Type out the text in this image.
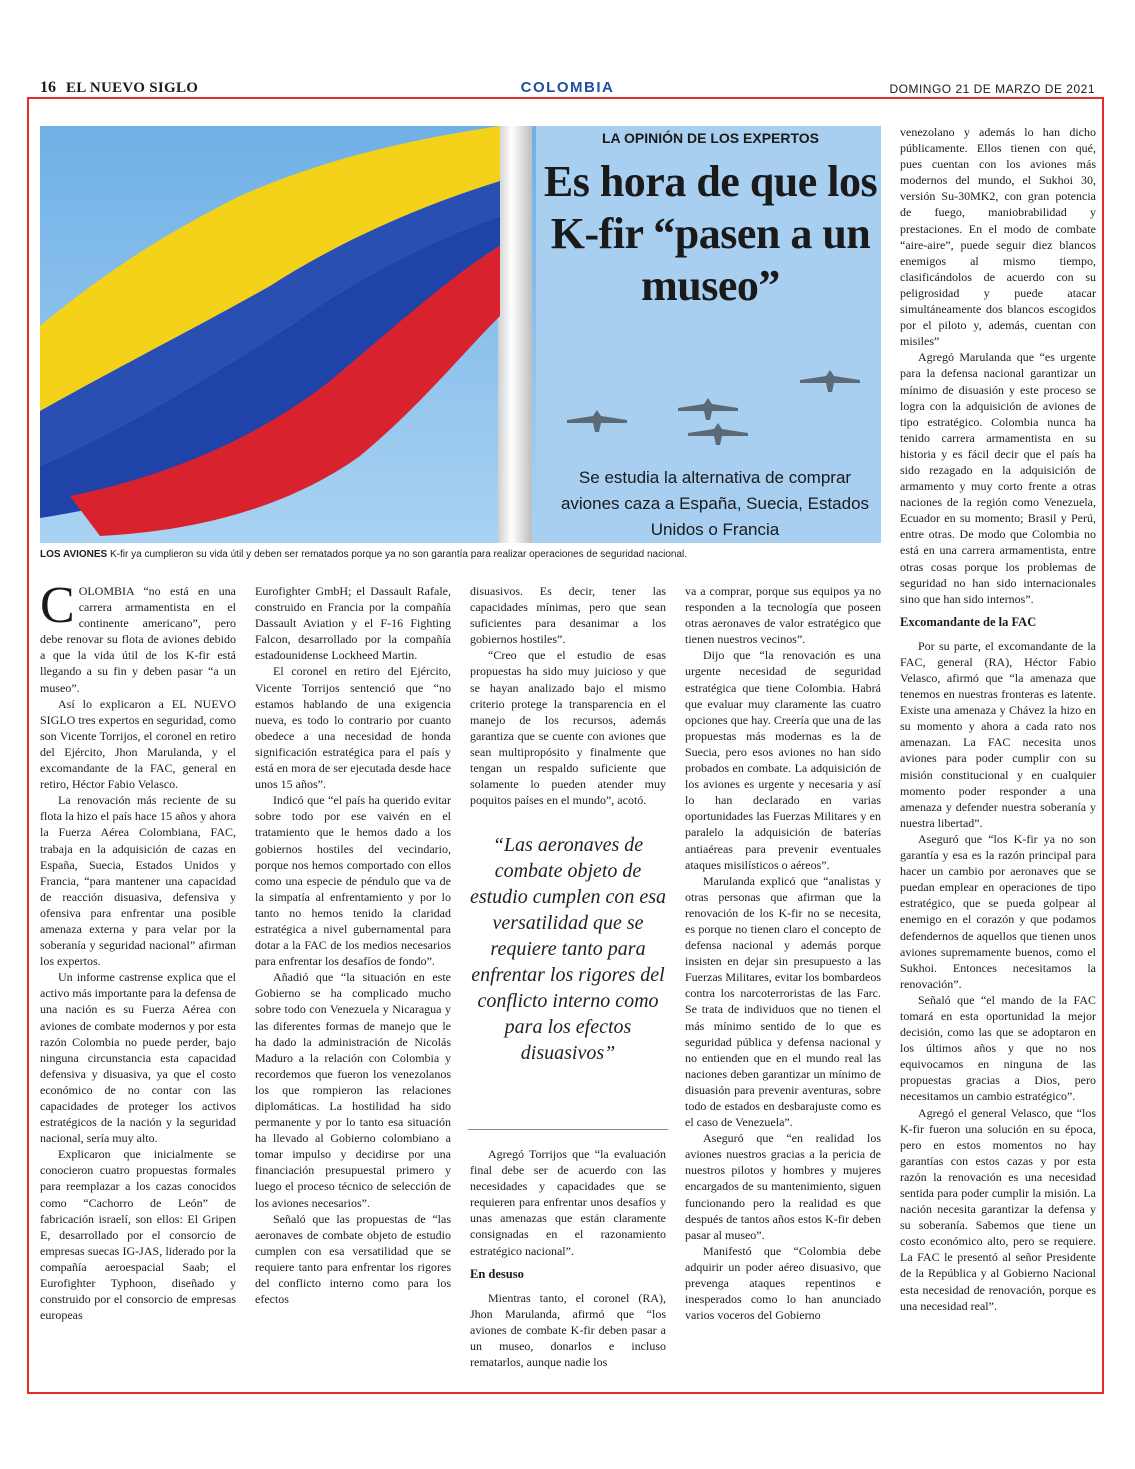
16 EL NUEVO SIGLO	COLOMBIA	DOMINGO 21 DE MARZO DE 2021
LA OPINIÓN DE LOS EXPERTOS
Es hora de que los K-fir “pasen a un museo”
Se estudia la alternativa de comprar aviones caza a España, Suecia, Estados Unidos o Francia
LOS AVIONES K-fir ya cumplieron su vida útil y deben ser rematados porque ya no son garantía para realizar operaciones de seguridad nacional.

COLOMBIA “no está en una carrera armamentista en el continente americano”, pero debe renovar su flota de aviones debido a que la vida útil de los K-fir está llegando a su fin y deben pasar “a un museo”.

Así lo explicaron a EL NUEVO SIGLO tres expertos en seguridad, como son Vicente Torrijos, el coronel en retiro del Ejército, Jhon Marulanda, y el excomandante de la FAC, general en retiro, Héctor Fabio Velasco.

La renovación más reciente de su flota la hizo el país hace 15 años y ahora la Fuerza Aérea Colombiana, FAC, trabaja en la adquisición de cazas en España, Suecia, Estados Unidos y Francia, “para mantener una capacidad de reacción disuasiva, defensiva y ofensiva para enfrentar una posible amenaza externa y para velar por la soberanía y seguridad nacional” afirman los expertos.

Un informe castrense explica que el activo más importante para la defensa de una nación es su Fuerza Aérea con aviones de combate modernos y por esta razón Colombia no puede perder, bajo ninguna circunstancia esta capacidad defensiva y disuasiva, ya que el costo económico de no contar con las capacidades de proteger los activos estratégicos de la nación y la seguridad nacional, sería muy alto.

Explicaron que inicialmente se conocieron cuatro propuestas formales para reemplazar a los cazas conocidos como “Cachorro de León” de fabricación israelí, son ellos: El Gripen E, desarrollado por el consorcio de empresas suecas IG-JAS, liderado por la compañía aeroespacial Saab; el Eurofighter Typhoon, diseñado y construido por el consorcio de empresas europeas

Eurofighter GmbH; el Dassault Rafale, construido en Francia por la compañía Dassault Aviation y el F-16 Fighting Falcon, desarrollado por la compañía estadounidense Lockheed Martin.

El coronel en retiro del Ejército, Vicente Torrijos sentenció que “no estamos hablando de una exigencia nueva, es todo lo contrario por cuanto obedece a una necesidad de honda significación estratégica para el país y está en mora de ser ejecutada desde hace unos 15 años”.

Indicó que “el país ha querido evitar sobre todo por ese vaivén en el tratamiento que le hemos dado a los gobiernos hostiles del vecindario, porque nos hemos comportado con ellos como una especie de péndulo que va de la simpatía al enfrentamiento y por lo tanto no hemos tenido la claridad estratégica a nivel gubernamental para dotar a la FAC de los medios necesarios para enfrentar los desafíos de fondo”.

Añadió que “la situación en este Gobierno se ha complicado mucho sobre todo con Venezuela y Nicaragua y las diferentes formas de manejo que le ha dado la administración de Nicolás Maduro a la relación con Colombia y recordemos que fueron los venezolanos los que rompieron las relaciones diplomáticas. La hostilidad ha sido permanente y por lo tanto esa situación ha llevado al Gobierno colombiano a tomar impulso y decidirse por una financiación presupuestal primero y luego el proceso técnico de selección de los aviones necesarios”.

Señaló que las propuestas de “las aeronaves de combate objeto de estudio cumplen con esa versatilidad que se requiere tanto para enfrentar los rigores del conflicto interno como para los efectos

disuasivos. Es decir, tener las capacidades mínimas, pero que sean suficientes para desanimar a los gobiernos hostiles”.

“Creo que el estudio de esas propuestas ha sido muy juicioso y que se hayan analizado bajo el mismo criterio protege la transparencia en el manejo de los recursos, además garantiza que se cuente con aviones que sean multipropósito y finalmente que tengan un respaldo suficiente que solamente lo pueden atender muy poquitos países en el mundo”, acotó.

“Las aeronaves de combate objeto de estudio cumplen con esa versatilidad que se requiere tanto para enfrentar los rigores del conflicto interno como para los efectos disuasivos”

Agregó Torrijos que “la evaluación final debe ser de acuerdo con las necesidades y capacidades que se requieren para enfrentar unos desafíos y unas amenazas que están claramente consignadas en el razonamiento estratégico nacional”.

En desuso

Mientras tanto, el coronel (RA), Jhon Marulanda, afirmó que “los aviones de combate K-fir deben pasar a un museo, donarlos e incluso rematarlos, aunque nadie los

va a comprar, porque sus equipos ya no responden a la tecnología que poseen otras aeronaves de valor estratégico que tienen nuestros vecinos”.

Dijo que “la renovación es una urgente necesidad de seguridad estratégica que tiene Colombia. Habrá que evaluar muy claramente las cuatro opciones que hay. Creería que una de las propuestas más modernas es la de Suecia, pero esos aviones no han sido probados en combate. La adquisición de los aviones es urgente y necesaria y así lo han declarado en varias oportunidades las Fuerzas Militares y en paralelo la adquisición de baterías antiaéreas para prevenir eventuales ataques misilísticos o aéreos”.

Marulanda explicó que “analistas y otras personas que afirman que la renovación de los K-fir no se necesita, es porque no tienen claro el concepto de defensa nacional y además porque insisten en dejar sin presupuesto a las Fuerzas Militares, evitar los bombardeos contra los narcoterroristas de las Farc. Se trata de individuos que no tienen el más mínimo sentido de lo que es seguridad pública y defensa nacional y no entienden que en el mundo real las naciones deben garantizar un mínimo de disuasión para prevenir aventuras, sobre todo de estados en desbarajuste como es el caso de Venezuela”.

Aseguró que “en realidad los aviones nuestros gracias a la pericia de nuestros pilotos y hombres y mujeres encargados de su mantenimiento, siguen funcionando pero la realidad es que después de tantos años estos K-fir deben pasar al museo”.

Manifestó que “Colombia debe adquirir un poder aéreo disuasivo, que prevenga ataques repentinos e inesperados como lo han anunciado varios voceros del Gobierno

venezolano y además lo han dicho públicamente. Ellos tienen con qué, pues cuentan con los aviones más modernos del mundo, el Sukhoi 30, versión Su-30MK2, con gran potencia de fuego, maniobrabilidad y prestaciones. En el modo de combate “aire-aire”, puede seguir diez blancos enemigos al mismo tiempo, clasificándolos de acuerdo con su peligrosidad y puede atacar simultáneamente dos blancos escogidos por el piloto y, además, cuentan con misiles”

Agregó Marulanda que “es urgente para la defensa nacional garantizar un mínimo de disuasión y este proceso se logra con la adquisición de aviones de tipo estratégico. Colombia nunca ha tenido carrera armamentista en su historia y es fácil decir que el país ha sido rezagado en la adquisición de armamento y muy corto frente a otras naciones de la región como Venezuela, Ecuador en su momento; Brasil y Perú, entre otras. De modo que Colombia no está en una carrera armamentista, entre otras cosas porque los problemas de seguridad no han sido internacionales sino que han sido internos”.

Excomandante de la FAC

Por su parte, el excomandante de la FAC, general (RA), Héctor Fabio Velasco, afirmó que “la amenaza que tenemos en nuestras fronteras es latente. Existe una amenaza y Chávez la hizo en su momento y ahora a cada rato nos amenazan. La FAC necesita unos aviones para poder cumplir con su misión constitucional y en cualquier momento poder responder a una amenaza y defender nuestra soberanía y nuestra libertad”.

Aseguró que “los K-fir ya no son garantía y esa es la razón principal para hacer un cambio por aeronaves que se puedan emplear en operaciones de tipo estratégico, que se pueda golpear al enemigo en el corazón y que podamos defendernos de aquellos que tienen unos aviones supremamente buenos, como el Sukhoi. Entonces necesitamos la renovación”.

Señaló que “el mando de la FAC tomará en esta oportunidad la mejor decisión, como las que se adoptaron en los últimos años y que no nos equivocamos en ninguna de las propuestas gracias a Dios, pero necesitamos un cambio estratégico”.

Agregó el general Velasco, que “los K-fir fueron una solución en su época, pero en estos momentos no hay garantías con estos cazas y por esta razón la renovación es una necesidad sentida para poder cumplir la misión. La nación necesita garantizar la defensa y su soberanía. Sabemos que tiene un costo económico alto, pero se requiere. La FAC le presentó al señor Presidente de la República y al Gobierno Nacional esta necesidad de renovación, porque es una necesidad real”.
